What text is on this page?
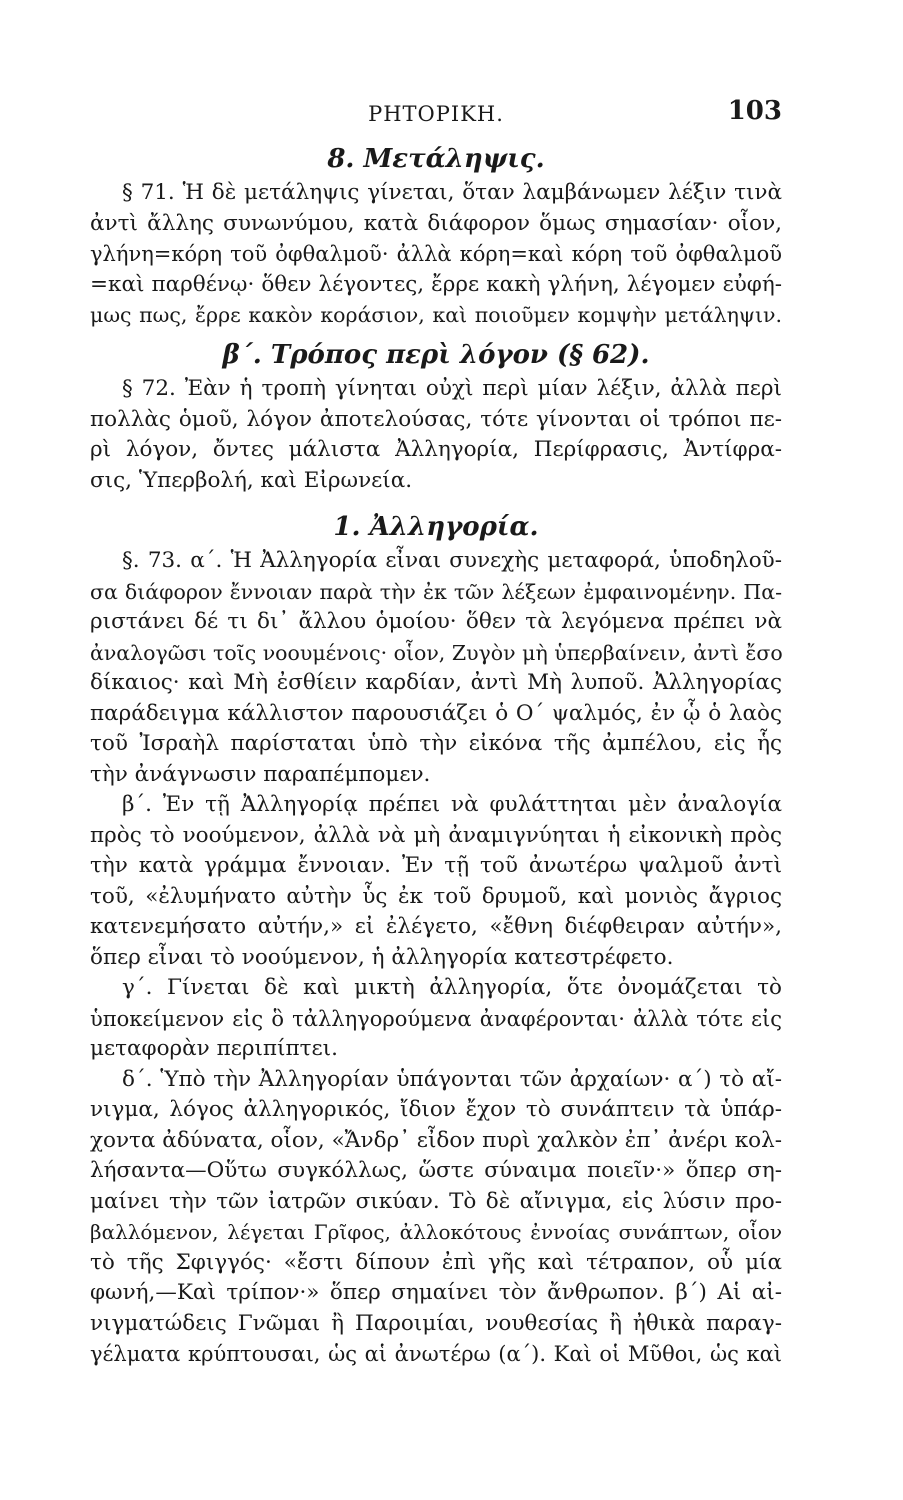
ΡΗΤΟΡΙΚΗ.	103
8. Μετάληψις.
§ 71. Ἡ δὲ μετάληψις γίνεται, ὅταν λαμβάνωμεν λέξιν τινὰ
ἀντὶ ἄλλης συνωνύμου, κατὰ διάφορον ὅμως σημασίαν· οἷον,
γλήνη=κόρη τοῦ ὀφθαλμοῦ· ἀλλὰ κόρη=καὶ κόρη τοῦ ὀφθαλμοῦ
=καὶ παρθένῳ· ὅθεν λέγοντες, ἔρρε κακὴ γλήνη, λέγομεν εὐφή-
μως πως, ἔρρε κακὸν κοράσιον, καὶ ποιοῦμεν κομψὴν μετάληψιν.
β΄. Τρόπος περὶ λόγον (§ 62).
§ 72. Ἐὰν ἡ τροπὴ γίνηται οὐχὶ περὶ μίαν λέξιν, ἀλλὰ περὶ
πολλὰς ὁμοῦ, λόγον ἀποτελούσας, τότε γίνονται οἱ τρόποι πε-
ρὶ λόγον, ὄντες μάλιστα Ἀλληγορία, Περίφρασις, Ἀντίφρα-
σις, Ὑπερβολή, καὶ Εἰρωνεία.
1. Ἀλληγορία.
§. 73. α΄. Ἡ Ἀλληγορία εἶναι συνεχὴς μεταφορά, ὑποδηλοῦ-
σα διάφορον ἔννοιαν παρὰ τὴν ἐκ τῶν λέξεων ἐμφαινομένην. Πα-
ριστάνει δέ τι δι᾽ ἄλλου ὁμοίου· ὅθεν τὰ λεγόμενα πρέπει νὰ
ἀναλογῶσι τοῖς νοουμένοις· οἷον, Ζυγὸν μὴ ὑπερβαίνειν, ἀντὶ ἔσο
δίκαιος· καὶ Μὴ ἐσθίειν καρδίαν, ἀντὶ Μὴ λυποῦ. Ἀλληγορίας
παράδειγμα κάλλιστον παρουσιάζει ὁ Ο΄ ψαλμός, ἐν ᾧ ὁ λαὸς
τοῦ Ἰσραὴλ παρίσταται ὑπὸ τὴν εἰκόνα τῆς ἀμπέλου, εἰς ἧς
τὴν ἀνάγνωσιν παραπέμπομεν.
β΄. Ἐν τῇ Ἀλληγορίᾳ πρέπει νὰ φυλάττηται μὲν ἀναλογία
πρὸς τὸ νοούμενον, ἀλλὰ νὰ μὴ ἀναμιγνύηται ἡ εἰκονικὴ πρὸς
τὴν κατὰ γράμμα ἔννοιαν. Ἐν τῇ τοῦ ἀνωτέρω ψαλμοῦ ἀντὶ
τοῦ, «ἐλυμήνατο αὐτὴν ὗς ἐκ τοῦ δρυμοῦ, καὶ μονιὸς ἄγριος
κατενεμήσατο αὐτήν,» εἰ ἐλέγετο, «ἔθνη διέφθειραν αὐτήν»,
ὅπερ εἶναι τὸ νοούμενον, ἡ ἀλληγορία κατεστρέφετο.
γ΄. Γίνεται δὲ καὶ μικτὴ ἀλληγορία, ὅτε ὀνομάζεται τὸ
ὑποκείμενον εἰς ὃ τἀλληγορούμενα ἀναφέρονται· ἀλλὰ τότε εἰς
μεταφορὰν περιπίπτει.
δ΄. Ὑπὸ τὴν Ἀλληγορίαν ὑπάγονται τῶν ἀρχαίων· α΄) τὸ αἴ-
νιγμα, λόγος ἀλληγορικός, ἴδιον ἔχον τὸ συνάπτειν τὰ ὑπάρ-
χοντα ἀδύνατα, οἷον, «Ἄνδρ᾽ εἶδον πυρὶ χαλκὸν ἐπ᾽ ἀνέρι κολ-
λήσαντα—Οὕτω συγκόλλως, ὥστε σύναιμα ποιεῖν·» ὅπερ ση-
μαίνει τὴν τῶν ἰατρῶν σικύαν. Τὸ δὲ αἴνιγμα, εἰς λύσιν προ-
βαλλόμενον, λέγεται Γρῖφος, ἀλλοκότους ἐννοίας συνάπτων, οἷον
τὸ τῆς Σφιγγός· «ἔστι δίπουν ἐπὶ γῆς καὶ τέτραπον, οὗ μία
φωνή,—Καὶ τρίπον·» ὅπερ σημαίνει τὸν ἄνθρωπον. β΄) Αἱ αἰ-
νιγματώδεις Γνῶμαι ἢ Παροιμίαι, νουθεσίας ἢ ἠθικὰ παραγ-
γέλματα κρύπτουσαι, ὡς αἱ ἀνωτέρω (α΄). Καὶ οἱ Μῦθοι, ὡς καὶ
